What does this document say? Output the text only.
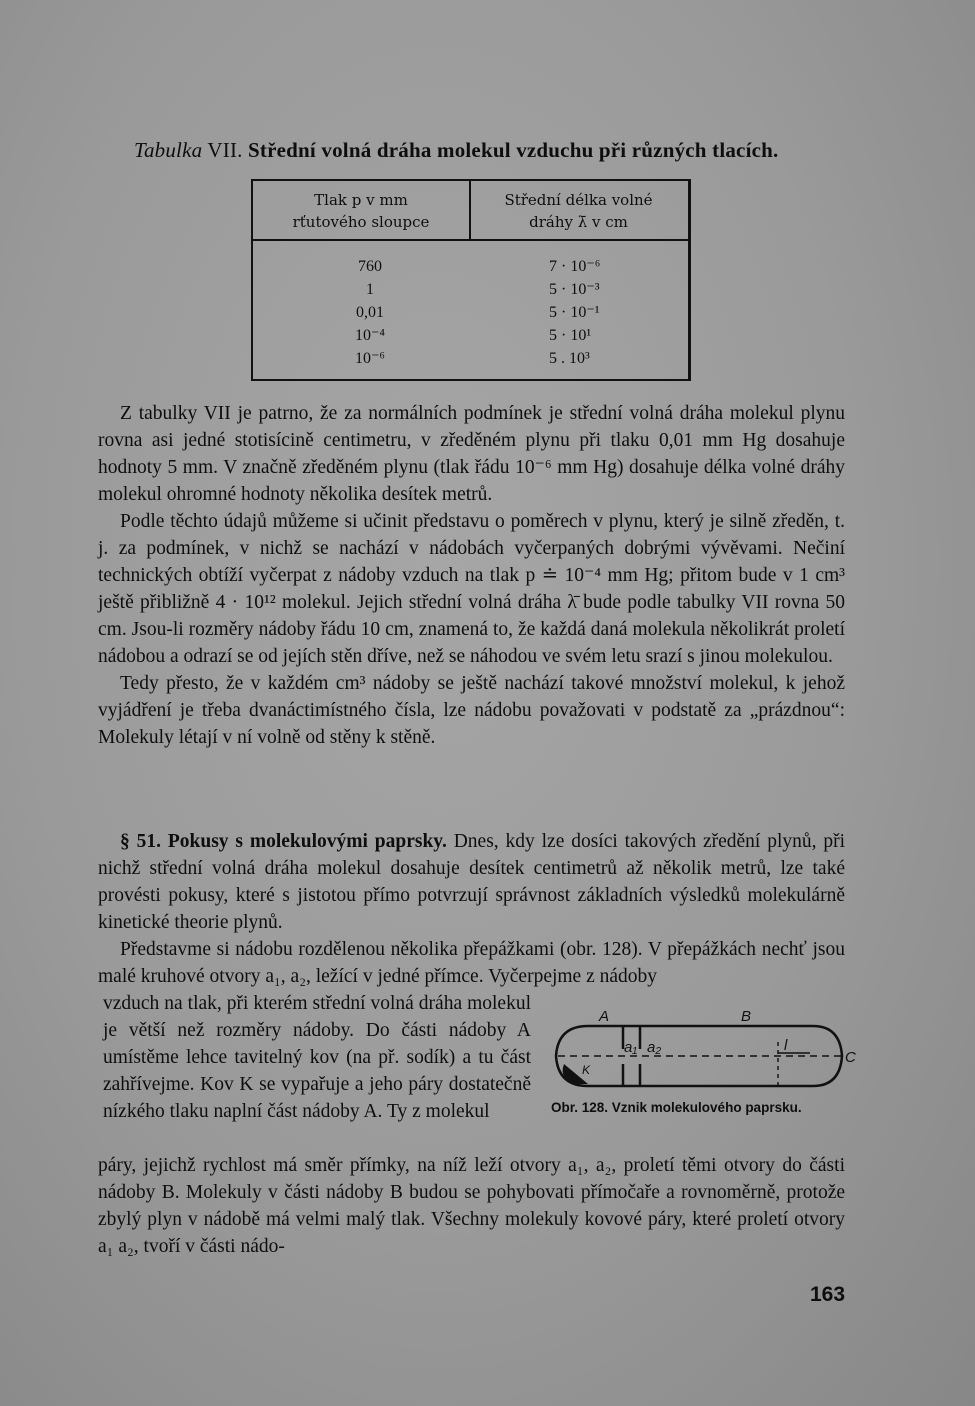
Tabulka VII. Střední volná dráha molekul vzduchu při různých tlacích.
Tlak p v mm
rťutového sloupce
Střední délka volné
dráhy λ̄ v cm
760
1
0,01
10⁻⁴
10⁻⁶
7 · 10⁻⁶
5 · 10⁻³
5 · 10⁻¹
5 · 10¹
5 . 10³

Z tabulky VII je patrno, že za normálních podmínek je střední volná dráha molekul plynu rovna asi jedné stotisícině centimetru, v zředěném plynu při tlaku 0,01 mm Hg dosahuje hodnoty 5 mm. V značně zředěném plynu (tlak řádu 10⁻⁶ mm Hg) dosahuje délka volné dráhy molekul ohromné hodnoty několika desítek metrů.

Podle těchto údajů můžeme si učinit představu o poměrech v plynu, který je silně zředěn, t. j. za podmínek, v nichž se nachází v nádobách vyčerpaných dobrými vývěvami. Nečiní technických obtíží vyčerpat z nádoby vzduch na tlak p ≐ 10⁻⁴ mm Hg; přitom bude v 1 cm³ ještě přibližně 4 · 10¹² molekul. Jejich střední volná dráha λ̄ bude podle tabulky VII rovna 50 cm. Jsou-li rozměry nádoby řádu 10 cm, znamená to, že každá daná molekula několikrát proletí nádobou a odrazí se od jejích stěn dříve, než se náhodou ve svém letu srazí s jinou molekulou.

Tedy přesto, že v každém cm³ nádoby se ještě nachází takové množství molekul, k jehož vyjádření je třeba dvanáctimístného čísla, lze nádobu považovati v podstatě za „prázdnou“: Molekuly létají v ní volně od stěny k stěně.

§ 51. Pokusy s molekulovými paprsky. Dnes, kdy lze dosíci takových zředění plynů, při nichž střední volná dráha molekul dosahuje desítek centimetrů až několik metrů, lze také provésti pokusy, které s jistotou přímo potvrzují správnost základních výsledků molekulárně kinetické theorie plynů.

Představme si nádobu rozdělenou několika přepážkami (obr. 128). V přepážkách nechť jsou malé kruhové otvory a₁, a₂, ležící v jedné přímce. Vyčerpejme z nádoby

vzduch na tlak, při kterém střední volná dráha molekul je větší než rozměry nádoby. Do části nádoby A umístěme lehce tavitelný kov (na př. sodík) a tu část zahřívejme. Kov K se vypařuje a jeho páry dostatečně nízkého tlaku naplní část nádoby A. Ty z molekul
A	B
a₁ a₂	l
K
C
Obr. 128. Vznik molekulového paprsku.
páry, jejichž rychlost má směr přímky, na níž leží otvory a₁, a₂, proletí těmi otvory do části nádoby B. Molekuly v části nádoby B budou se pohybovati přímočaře a rovnoměrně, protože zbylý plyn v nádobě má velmi malý tlak. Všechny molekuly kovové páry, které proletí otvory a₁ a₂, tvoří v části nádo-
163
